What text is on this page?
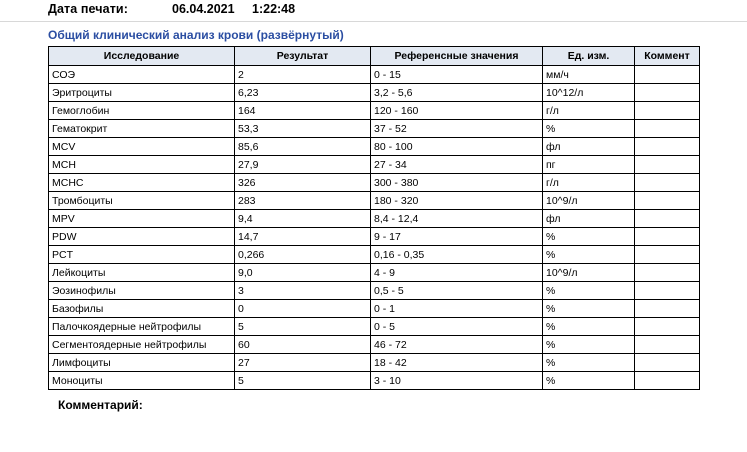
Дата печати:	06.04.2021 1:22:48
Общий клинический анализ крови (развёрнутый)
Исследование	Результат	Референсные значения	Ед. изм.	Коммент
СОЭ	2	0 - 15	мм/ч	
Эритроциты	6,23	3,2 - 5,6	10^12/л	
Гемоглобин	164	120 - 160	г/л	
Гематокрит	53,3	37 - 52	%	
MCV	85,6	80 - 100	фл	
MCH	27,9	27 - 34	пг	
MCHC	326	300 - 380	г/л	
Тромбоциты	283	180 - 320	10^9/л	
MPV	9,4	8,4 - 12,4	фл	
PDW	14,7	9 - 17	%	
PCT	0,266	0,16 - 0,35	%	
Лейкоциты	9,0	4 - 9	10^9/л	
Эозинофилы	3	0,5 - 5	%	
Базофилы	0	0 - 1	%	
Палочкоядерные нейтрофилы	5	0 - 5	%	
Сегментоядерные нейтрофилы	60	46 - 72	%	
Лимфоциты	27	18 - 42	%	
Моноциты	5	3 - 10	%	
Комментарий:
